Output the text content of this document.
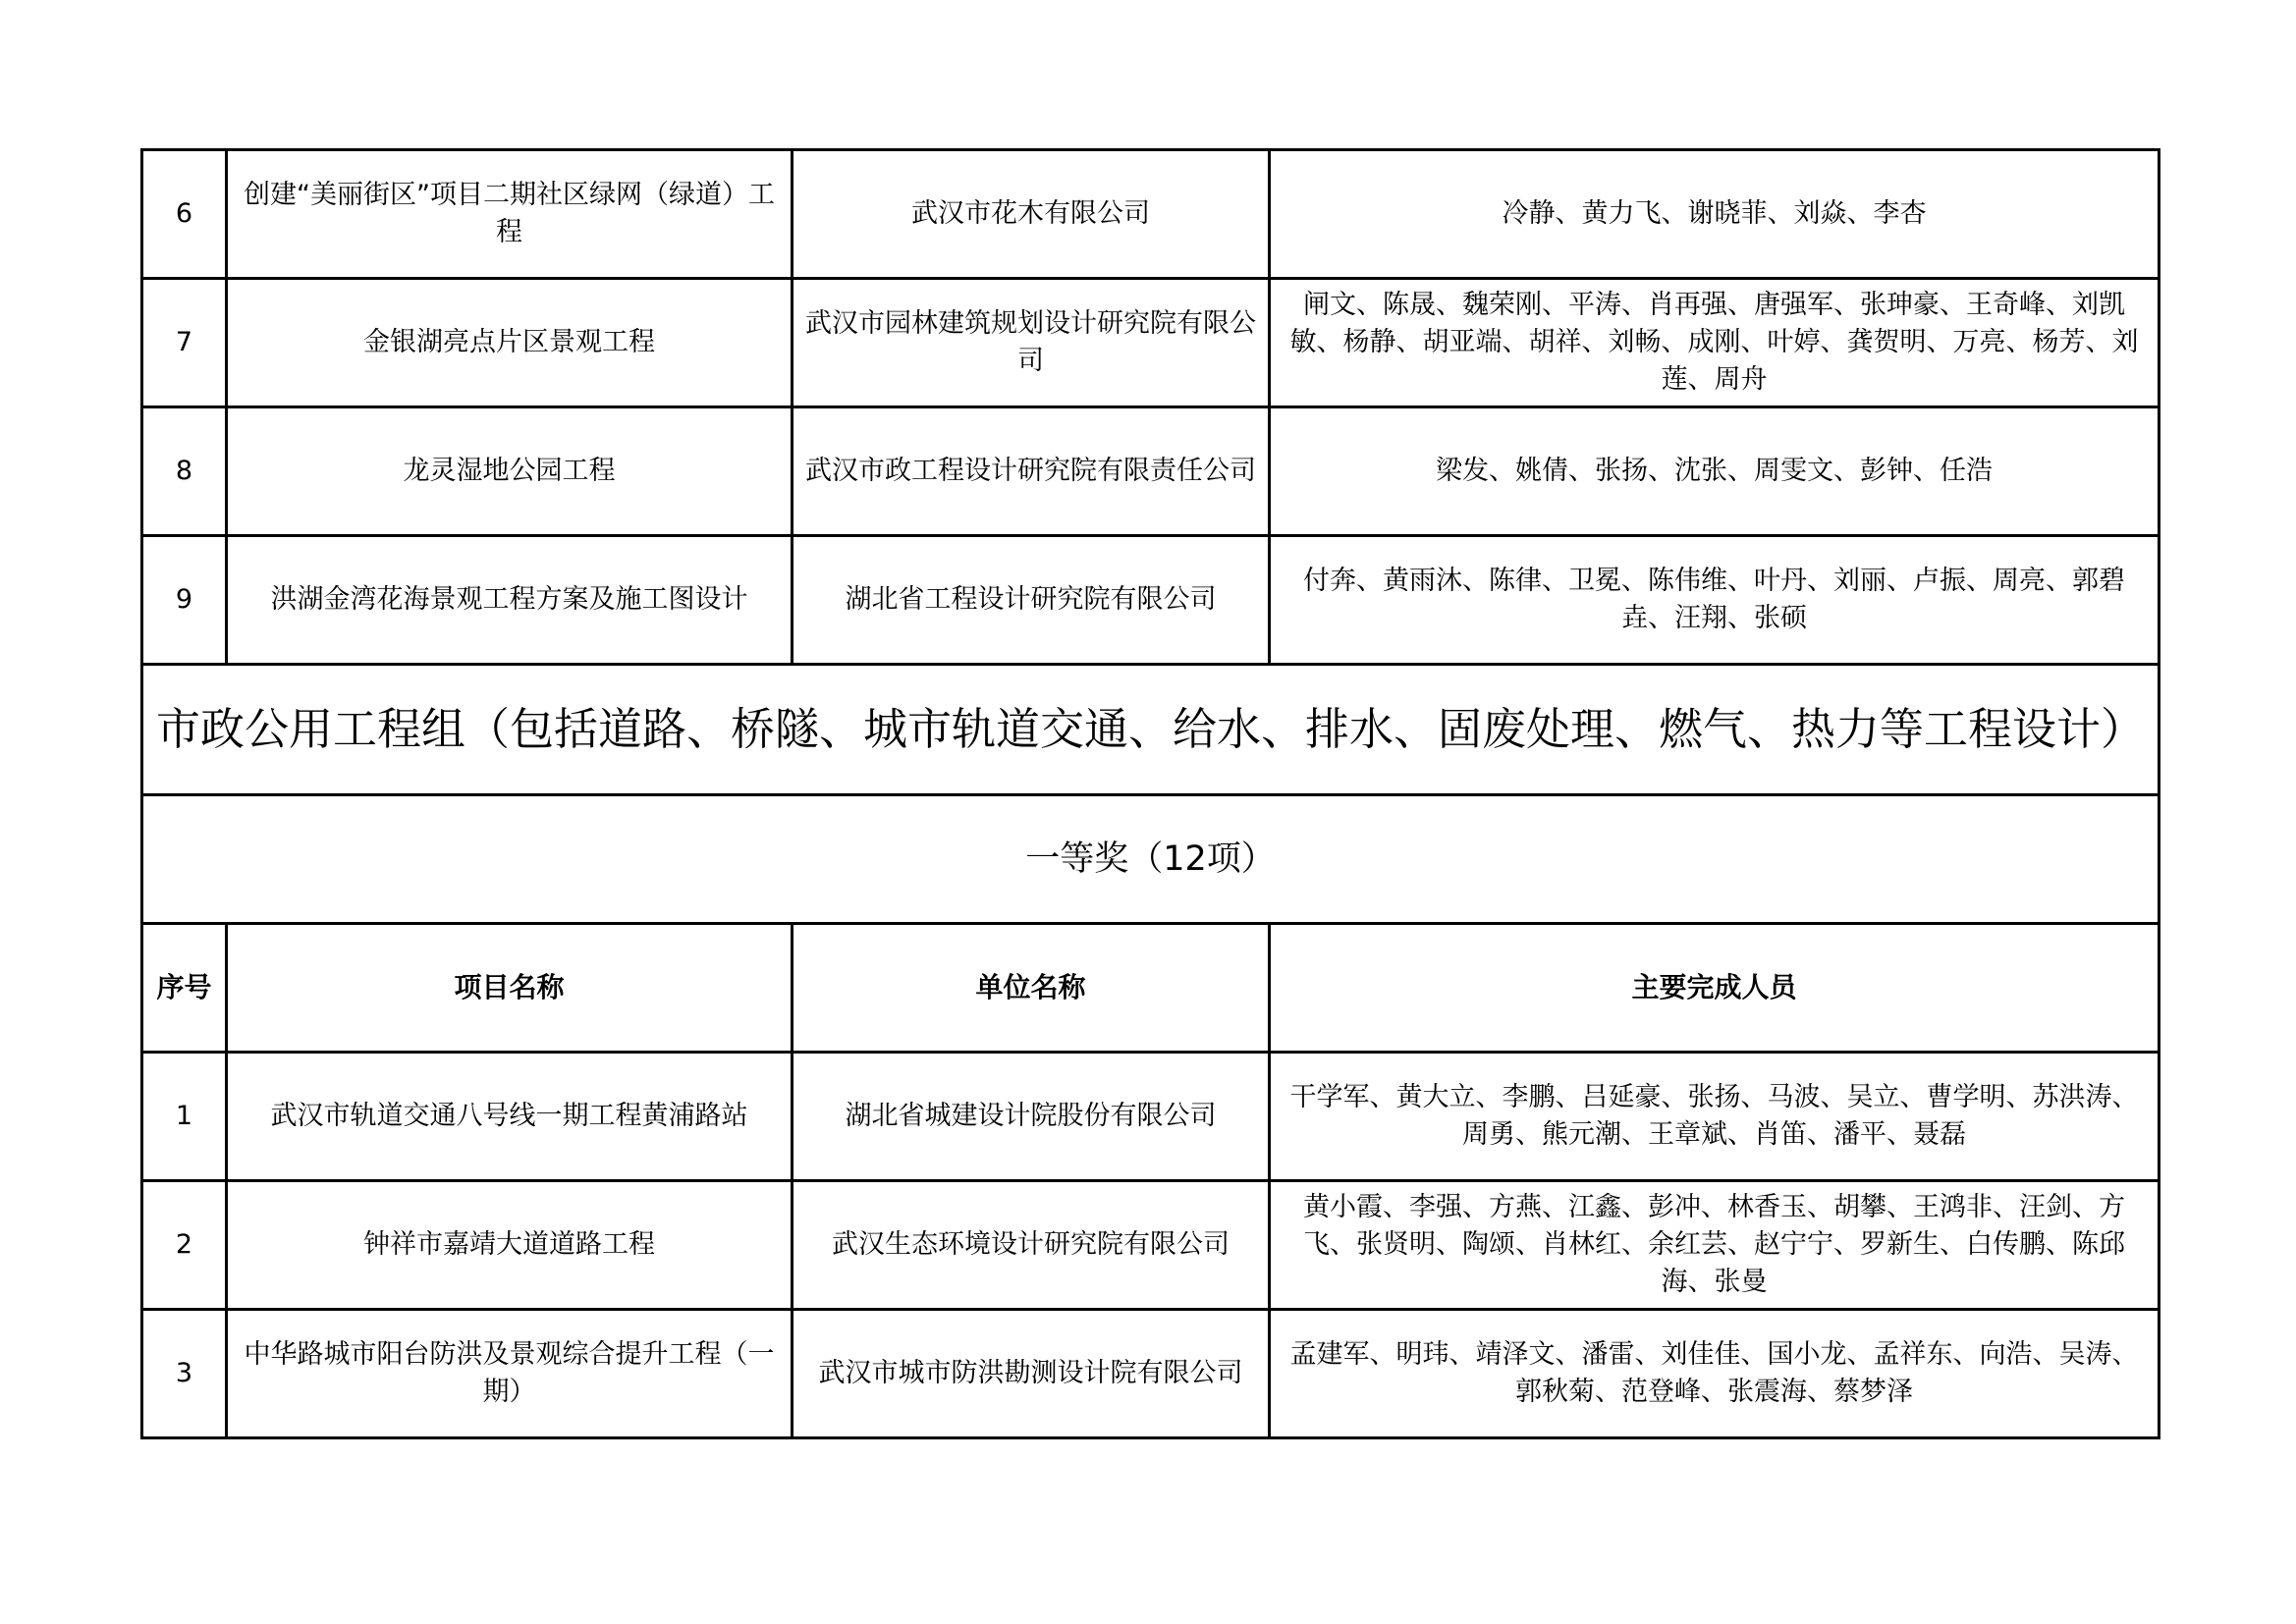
6	创建“美丽街区”项目二期社区绿网（绿道）工程	武汉市花木有限公司	冷静、黄力飞、谢晓菲、刘焱、李杏
7	金银湖亮点片区景观工程	武汉市园林建筑规划设计研究院有限公司	闸文、陈晟、魏荣刚、平涛、肖再强、唐强军、张珅豪、王奇峰、刘凯敏、杨静、胡亚端、胡祥、刘畅、成刚、叶婷、龚贺明、万亮、杨芳、刘莲、周舟
8	龙灵湿地公园工程	武汉市政工程设计研究院有限责任公司	梁发、姚倩、张扬、沈张、周雯文、彭钟、任浩
9	洪湖金湾花海景观工程方案及施工图设计	湖北省工程设计研究院有限公司	付奔、黄雨沐、陈律、卫冕、陈伟维、叶丹、刘丽、卢振、周亮、郭碧垚、汪翔、张硕
市政公用工程组（包括道路、桥隧、城市轨道交通、给水、排水、固废处理、燃气、热力等工程设计）			
一等奖（12项）			
序号	项目名称	单位名称	主要完成人员
1	武汉市轨道交通八号线一期工程黄浦路站	湖北省城建设计院股份有限公司	干学军、黄大立、李鹏、吕延豪、张扬、马波、吴立、曹学明、苏洪涛、周勇、熊元潮、王章斌、肖笛、潘平、聂磊
2	钟祥市嘉靖大道道路工程	武汉生态环境设计研究院有限公司	黄小霞、李强、方燕、江鑫、彭冲、林香玉、胡攀、王鸿非、汪剑、方飞、张贤明、陶颂、肖林红、余红芸、赵宁宁、罗新生、白传鹏、陈邱海、张曼
3	中华路城市阳台防洪及景观综合提升工程（一期）	武汉市城市防洪勘测设计院有限公司	孟建军、明玮、靖泽文、潘雷、刘佳佳、国小龙、孟祥东、向浩、吴涛、郭秋菊、范登峰、张震海、蔡梦泽
